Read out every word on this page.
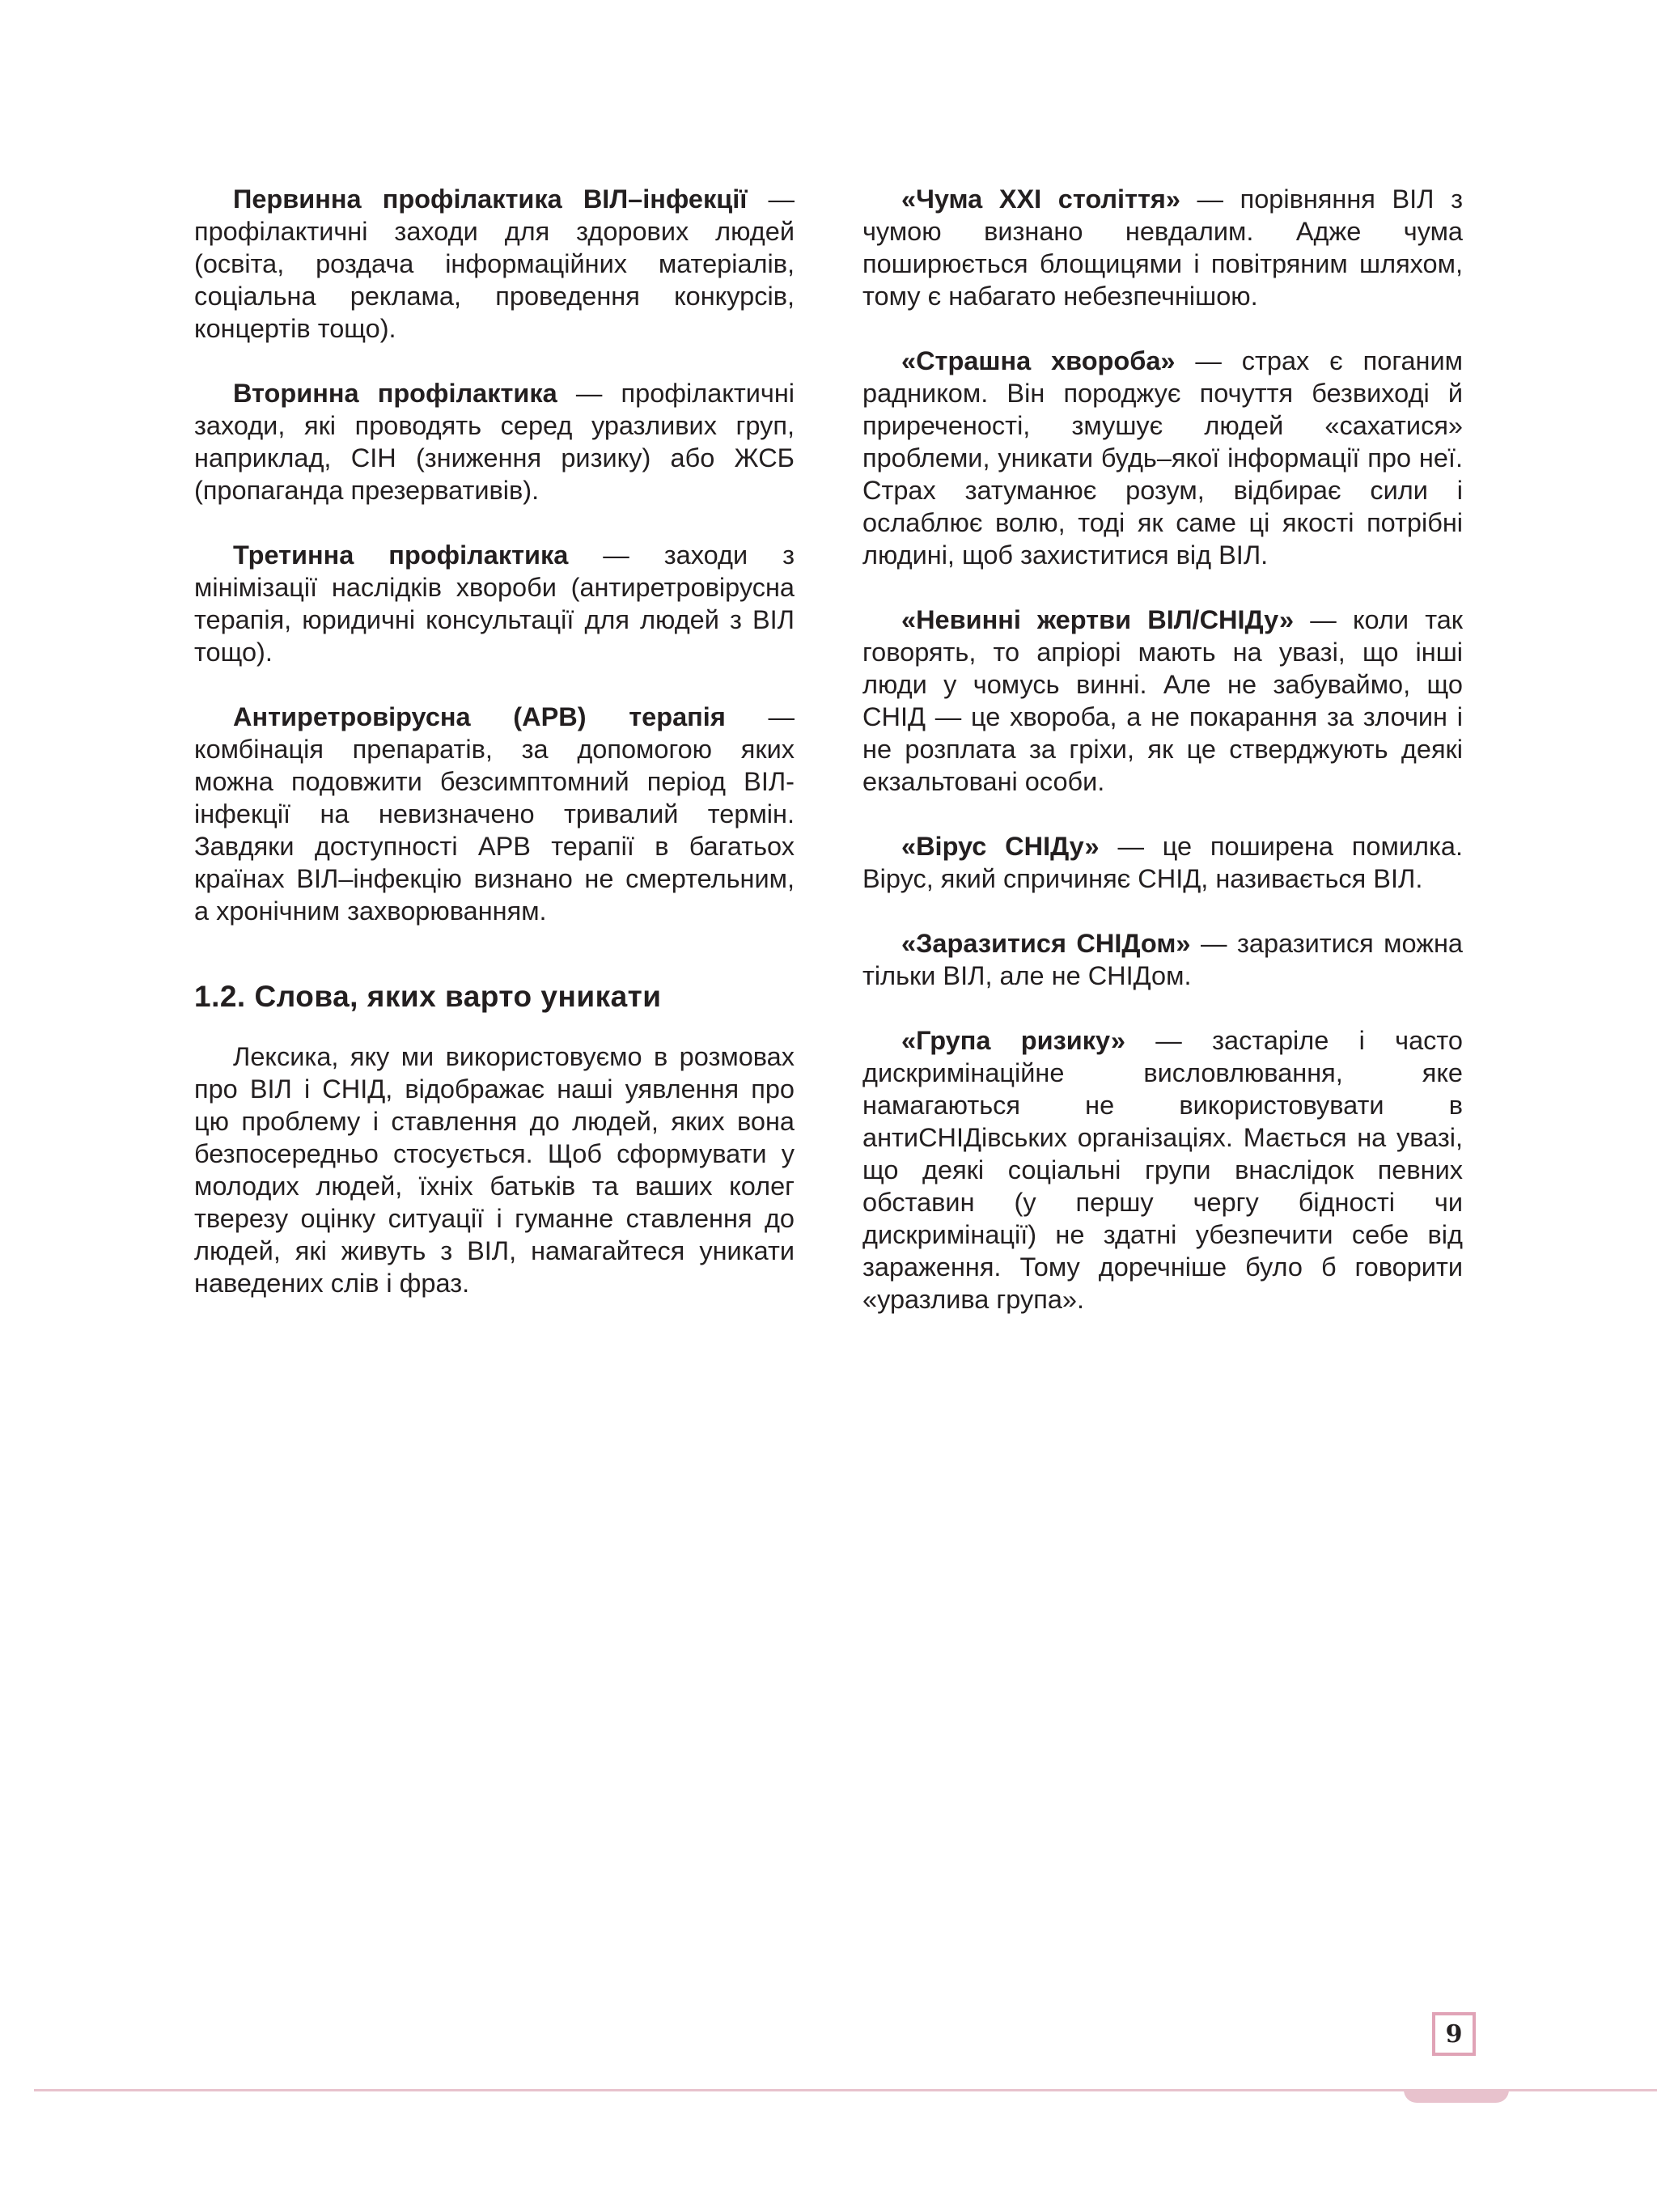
Первинна профілактика ВІЛ–інфекції — профілактичні заходи для здорових людей (освіта, роздача інформаційних матеріалів, соціальна реклама, проведення конкурсів, концертів тощо).

Вторинна профілактика — профілактичні заходи, які проводять серед уразливих груп, наприклад, СІН (зниження ризику) або ЖСБ (пропаганда презервативів).

Третинна профілактика — заходи з мінімізації наслідків хвороби (антиретровірусна терапія, юридичні консультації для людей з ВІЛ тощо).

Антиретровірусна (АРВ) терапія — комбінація препаратів, за допомогою яких можна подовжити безсимптомний період ВІЛ-інфекції на невизначено тривалий термін. Завдяки доступності АРВ терапії в багатьох країнах ВІЛ–інфекцію визнано не смертельним, а хронічним захворюванням.

1.2. Слова, яких варто уникати

Лексика, яку ми використовуємо в розмовах про ВІЛ і СНІД, відображає наші уявлення про цю проблему і ставлення до людей, яких вона безпосередньо стосується. Щоб сформувати у молодих людей, їхніх батьків та ваших колег тверезу оцінку ситуації і гуманне ставлення до людей, які живуть з ВІЛ, намагайтеся уникати наведених слів і фраз.

«Чума XXI століття» — порівняння ВІЛ з чумою визнано невдалим. Адже чума поширюється блощицями і повітряним шляхом, тому є набагато небезпечнішою.

«Страшна хвороба» — страх є поганим радником. Він породжує почуття безвиході й приреченості, змушує людей «сахатися» проблеми, уникати будь–якої інформації про неї. Страх затуманює розум, відбирає сили і ослаблює волю, тоді як саме ці якості потрібні людині, щоб захиститися від ВІЛ.

«Невинні жертви ВІЛ/СНІДу» — коли так говорять, то апріорі мають на увазі, що інші люди у чомусь винні. Але не забуваймо, що СНІД — це хвороба, а не покарання за злочин і не розплата за гріхи, як це стверджують деякі екзальтовані особи.

«Вірус СНІДу» — це поширена помилка. Вірус, який спричиняє СНІД, називається ВІЛ.

«Заразитися СНІДом» — заразитися можна тільки ВІЛ, але не СНІДом.

«Група ризику» — застаріле і часто дискримінаційне висловлювання, яке намагаються не використовувати в антиСНІДівських організаціях. Мається на увазі, що деякі соціальні групи внаслідок певних обставин (у першу чергу бідності чи дискримінації) не здатні убезпечити себе від зараження. Тому доречніше було б говорити «уразлива група».

9
